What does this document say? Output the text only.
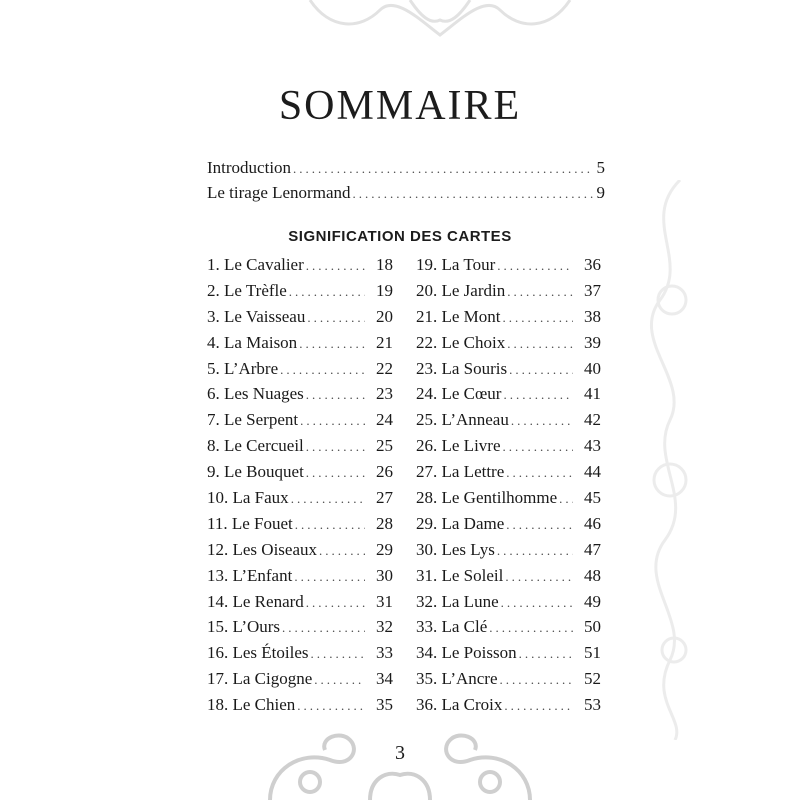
SOMMAIRE
Introduction .....	5
Le tirage Lenormand .....	9
SIGNIFICATION DES CARTES
1. Le Cavalier .....	18
2. Le Trèfle .....	19
3. Le Vaisseau .....	20
4. La Maison .....	21
5. L’Arbre .....	22
6. Les Nuages .....	23
7. Le Serpent .....	24
8. Le Cercueil .....	25
9. Le Bouquet .....	26
10. La Faux .....	27
11. Le Fouet .....	28
12. Les Oiseaux .....	29
13. L’Enfant .....	30
14. Le Renard .....	31
15. L’Ours .....	32
16. Les Étoiles .....	33
17. La Cigogne .....	34
18. Le Chien .....	35
19. La Tour .....	36
20. Le Jardin .....	37
21. Le Mont .....	38
22. Le Choix .....	39
23. La Souris .....	40
24. Le Cœur .....	41
25. L’Anneau .....	42
26. Le Livre .....	43
27. La Lettre .....	44
28. Le Gentilhomme .....	45
29. La Dame .....	46
30. Les Lys .....	47
31. Le Soleil .....	48
32. La Lune .....	49
33. La Clé .....	50
34. Le Poisson .....	51
35. L’Ancre .....	52
36. La Croix .....	53
3
